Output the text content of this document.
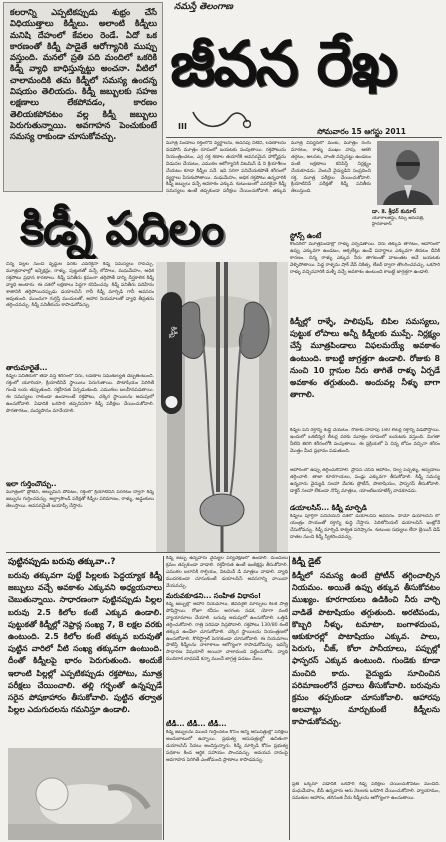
కలరాన్ని ఎప్పటికప్పుడు శుభ్రం చేసే విధియుత్తాలు కిడ్నీలు. అలాంటి కిడ్నీలు మనిషి దేహంలో కేవలం రెండే. ఏదో ఒక కారణంతో కిడ్నీ పాడైతే ఆరోగ్యానికి ముప్పు వస్తుంది. మనలో ప్రతి పది మందిలో ఒకరికి కిడ్నీ వ్యాధి బాధిస్తున్నట్టు అంచనా. వీటిలో చాలామందికి తమ కిడ్నీలో సమస్య ఉందన్న విషయం తెలియదు. కిడ్నీ జబ్బులకు సహజ లక్షణాలు లేకపోవడం, కారణం తెలియకపోవటం వల్ల కిడ్నీ జబ్బులు పెరుగుతున్నాయి. అవగాహన పెంచుకుంటే సమస్య రాకుండా చూసుకోవచ్చు.
నమస్తే తెలంగాణ
జీవన రేఖ
III
సోమవారం 15 ఆగస్టు 2011
మూత్ర పిండాలు రక్తంలోని వ్యర్థాలను, అదనపు నీటిని, లవణాలను వడపోసి మూత్రం రూపంలో బయటకు పంపుతాయి. రక్తపోటును నియంత్రించటం, ఎర్ర రక్త కణాల తయారీకి అవసరమైన హార్మోన్లను విడుదల చేయటం, ఎముకల ఆరోగ్యానికి విటమిన్ డి ని క్రియాశీలం చేయటం కూడా కిడ్నీల పనే. ఇవి సరిగా పనిచేయకపోతే శరీరంలో వ్యర్థాలు పేరుకుపోతాయి. మధుమేహం, అధిక రక్తపోటు ఉన్నవారికి కిడ్నీ జబ్బులు వచ్చే అవకాశం ఎక్కువ. కుటుంబంలో ఎవరికైనా కిడ్నీ సమస్యలు ఉంటే తప్పకుండా పరీక్షలు చేయించుకోవాలి. తక్కువ
మూత్ర విసర్జనలో మంట, మూత్రం రంగు మారటం, కాళ్ళు ముఖం వాపు, ఆకలి తగ్గటం, అలసట, వాంతి వచ్చినట్టు ఉండటం వంటి లక్షణాలు కనిపిస్తే నిర్లక్ష్యం చేయకూడదు. వెంటనే వైద్యుడిని సంప్రదించి రక్త, మూత్ర పరీక్షలు చేయించుకోవాలి. క్రియాటినిన్ పరీక్షతో కిడ్నీ పనితీరు తెలుస్తుంది.
డా. కె. శ్రీధర్ కుమార్
యూరాలజిస్టు, కిమ్స్ ఆసుపత్రి, హైదరాబాద్
కిడ్నీ పదిలం	స్టోన్స్ ఉంటే
కొందరిలో మూత్రపిండాల్లో రాళ్ళు ఏర్పడతాయి. నీరు తక్కువ తాగటం, ఆహారంలో ఉప్పు ఎక్కువగా ఉండటం, ఆక్సలేట్లు ఉండే పదార్థాలు ఎక్కువగా తినటం దీనికి కారణం. చిన్న రాళ్ళు ఎక్కువ నీరు తాగటంతో వాటంతట అవే బయటకు వెళ్ళిపోతాయి. పెద్ద రాళ్ళను షాక్ వేవ్ చికిత్స, లేజర్ ద్వారా తొలగించవచ్చు. ఒకసారి రాళ్ళు వచ్చినవారికి మళ్ళీ వచ్చే అవకాశం ఉంటుంది కాబట్టి జాగ్రత్తగా ఉండాలి.
కిడ్నీల్లో రాళ్ళే, పాలిపుష్, బిపిల సమస్యలు, పుట్టుక లోపాలు అన్నీ కిడ్నీలకు ముప్పే. నిర్లక్ష్యం చేస్తే మూత్రపిండాలు విఫలమయ్యే అవకాశం ఉంటుంది. కాబట్టి జాగ్రత్తగా ఉండాలి. రోజుకు 8 నుంచి 10 గ్లాసుల నీరు తాగితే రాళ్ళు ఏర్పడే అవకాశం తగ్గుతుంది. అందువల్ల నీళ్ళు బాగా తాగాలి.
కిడ్నీ
చిన్న పిల్లల నుంచి వృద్ధుల వరకు ఎవరికైనా కిడ్నీ సమస్యలు రావచ్చు. మూత్రనాళాల్లో ఇన్ఫెక్షన్లు, రాళ్ళు, పుట్టుకతో వచ్చే లోపాలు, మధుమేహం, అధిక రక్తపోటు ప్రధాన కారణాలు. కిడ్నీ పనితీరు క్రమంగా తగ్గిపోతే దాన్ని దీర్ఘకాలిక కిడ్నీ వ్యాధి అంటారు. ఈ దశలో లక్షణాలు పెద్దగా కనిపించవు. కిడ్నీ పనితీరు పదిహేను శాతానికి తగ్గిపోయినప్పుడు డయాలసిస్ గానీ కిడ్నీ మార్పిడి గానీ అవసరం అవుతుంది. ముందుగా గుర్తిస్తే మందులతో, ఆహార నియమాలతో వ్యాధి తీవ్రతను తగ్గించవచ్చు. కిడ్నీ పనితీరును కాపాడుకోవచ్చు.
తారుమారైతే...
కిడ్నీల పనితీరులో తేడా వస్తే శరీరంలో నీరు, లవణాల సమతుల్యత దెబ్బతింటుంది. రక్తంలో యూరియా, క్రియాటినిన్ స్థాయిలు పెరుగుతాయి. పొటాషియం పెరిగితే గుండె లయ తప్పుతుంది. రక్తహీనత ఏర్పడుతుంది. ఎముకలు బలహీనపడతాయి. ఈ సమస్యలు రాకుండా ఉండాలంటే రక్తపోటు, చక్కెర స్థాయిలను అదుపులో ఉంచుకోవాలి. ఏడాదికి ఒకసారి తప్పనిసరిగా కిడ్నీ పరీక్షలు చేయించుకోవాలి. పొగతాగటం, మద్యపానం మానేయాలి.
ఇలా గుర్తించొచ్చు..
మూత్రంలో ప్రోటీన్, ఆల్బుమిన్ పోవటం, రక్తంలో క్రియాటినిన్ పెరగటం ద్వారా కిడ్నీ జబ్బును గుర్తించవచ్చు. అల్ట్రాసౌండ్ పరీక్షతో కిడ్నీల పరిమాణం, రాళ్ళు, అడ్డంకులు తెలుస్తాయి. అవసరమైతే బయాప్సీ చేస్తారు.
కిడ్నీల పని రక్తాన్ని శుద్ధి చేయటం. రోజుకు దాదాపు 180 లీటర్ల రక్తాన్ని వడపోస్తాయి. ఇందులో ఒకటిన్నర లీటర్ల వరకు మూత్రం రూపంలో బయటకు వస్తుంది. మిగతా నీటిని తిరిగి శరీరంలోకి పంపుతాయి. ఈ ప్రక్రియలో ఏ చిన్న లోపం వచ్చినా శరీరం మొత్తం మీద ప్రభావం పడుతుంది.
ఆహారంలో ఉప్పు తగ్గించుకోవాలి. ప్రాసెస్ చేసిన ఆహారం, నిల్వ పచ్చళ్ళు, అప్పడాలు తగ్గించాలి. తాజా కూరగాయలు, పండ్లు ఎక్కువగా తీసుకోవాలి. కిడ్నీ సమస్య ఉన్నవారు వైద్యుడి సలహా మేరకు ప్రోటీన్, పొటాషియం, ఫాస్ఫరస్ తీసుకోవాలి. డాక్టర్ సలహా లేకుండా నొప్పి మాత్రలు, యాంటిబయాటిక్స్ వాడకూడదు.
డయాలసిస్... కిడ్నీ మార్పిడి
కిడ్నీలు పూర్తిగా పనిచేయని దశలో డయాలసిస్ అవసరం. హీమో డయాలసిస్ లో యంత్రం సాయంతో రక్తాన్ని శుద్ధి చేస్తారు. పెరిటోనియల్ డయాలసిస్ ఇంట్లోనే చేసుకోవచ్చు. కిడ్నీ మార్పిడి శాశ్వత పరిష్కారం. కుటుంబ సభ్యులు లేదా బ్రెయిన్ డెడ్ దాతల నుంచి కిడ్నీ స్వీకరించవచ్చు.
పుట్టినప్పుడు బరువు తక్కువా..?
బరువు తక్కువగా పుట్టే పిల్లలకు పెద్దయ్యాక కిడ్నీ జబ్బులు వచ్చే అవకాశం ఎక్కువని అధ్యయనాలు చెబుతున్నాయి. సాధారణంగా పుట్టినప్పుడు పిల్లల బరువు 2.5 కిలోల కంటే ఎక్కువ ఉండాలి. పుట్టుకతో కిడ్నీల్లో నెఫ్రాన్ల సంఖ్య 7, 8 లక్షల వరకు ఉంటుంది. 2.5 కిలోల కంటే తక్కువ బరువుతో పుట్టిన వారిలో వీటి సంఖ్య తక్కువగా ఉంటుంది. దీంతో కిడ్నీలపై భారం పెరుగుతుంది. అందుకే ఇలాంటి పిల్లల్లో ఎప్పటికప్పుడు రక్తపోటు, మూత్ర పరీక్షలు చేయించాలి. తల్లి గర్భంతో ఉన్నప్పుడే సరైన పోషకాహారం తీసుకోవాలి. పుట్టిన తర్వాత పిల్లల ఎదుగుదలను గమనిస్తూ ఉండాలి.
కిడ్నీ జబ్బు ఉన్నవారు వైద్యుల పర్యవేక్షణలో ఉండాలి. మందులు క్రమం తప్పకుండా వాడాలి. రక్తహీనత ఉంటే ఇంజెక్షన్లు తీసుకోవాలి. ఎముకల బలానికి కాల్షియం, విటమిన్ డి మాత్రలు వాడాలి. వ్యాధి ముదరకుండా చూసుకుంటే డయాలసిస్ అవసరాన్ని వాయిదా వేయవచ్చు.
మరువకూడని... సంహిత విధానం!
కిడ్నీ జబ్బుల్లో ఆహార నియమాలు, జీవనశైలి మార్పులు కీలక పాత్ర పోషిస్తాయి. రోజూ కనీసం అరగంట నడక, యోగా వంటి వ్యాయామాలు చేయాలి. బరువు అదుపులో ఉంచుకోవాలి. ఒత్తిడి తగ్గించుకోవాలి. రాత్రి సరిపడా నిద్రపోవాలి. రక్తపోటు 130/80 కంటే తక్కువ ఉండేలా చూసుకోవాలి. చక్కెర స్థాయిలను నియంత్రణలో ఉంచుకోవాలి. కొలెస్ట్రాల్ పెరగకుండా చూసుకోవాలి. ఈ నియమాలు పాటిస్తే కిడ్నీలను చాలాకాలం ఆరోగ్యంగా కాపాడుకోవచ్చు. ఇవన్నీ సాధారణ విషయాలే అయినా చాలామంది పట్టించుకోరు. వ్యాధి ముదిరాక బాధపడే కన్నా ముందే జాగ్రత్త పడటం మేలు.
టీడీ... టీడీ... టీడీ...
కిడ్నీ జబ్బులను ముందే గుర్తించటం కోసం అన్ని ఆసుపత్రుల్లో పరీక్షలు అందుబాటులో ఉన్నాయి. ప్రభుత్వ ఆసుపత్రుల్లో ఉచితంగా డయాలసిస్ సేవలు అందిస్తున్నారు. కిడ్నీ మార్పిడి కోసం ప్రభుత్వ పథకాల కింద ఆర్థిక సహాయం పొందవచ్చు. అవయవ దానంపై అవగాహన పెరిగితే ఎంతోమంది ప్రాణాలు కాపాడవచ్చు.
కిడ్నీ డైట్
కిడ్నీలో సమస్య ఉంటే ప్రోటీన్ తగ్గించాల్సిన నియమం. అయితే ఉప్పు తక్కువ తీసుకోవటం ముఖ్యం. కూరగాయలు ఉడికించి నీరు వార్చి వాడితే పొటాషియం తగ్గుతుంది. అరటిపండు, కొబ్బరి నీళ్ళు, టమాటా, బంగాళదుంప, ఆకుకూరల్లో పొటాషియం ఎక్కువ. పాలు, పెరుగు, చీజ్, కోలా పానీయాలు, పప్పుల్లో ఫాస్ఫరస్ ఎక్కువ ఉంటుంది. గుండెకు కూడా మంచిది కాదు. వైద్యుడు సూచించిన పరిమాణంలోనే ద్రవాలు తీసుకోవాలి. బరువును క్రమం తప్పకుండా చూసుకోవాలి. ఆహారపు అలవాట్లు మార్చుకుంటే కిడ్నీలను కాపాడుకోవచ్చు.
ప్రతి ఒక్కరూ ఏడాదికి ఒకసారి కిడ్నీ పరీక్షలు చేయించుకోవటం మంచిది. మధుమేహం, బీపీ ఉన్నవారు ఆరు నెలలకు ఒకసారి చేయించుకోవాలి. వ్యాయామం, సమతుల ఆహారం, తగినంత నీరు కిడ్నీలను ఆరోగ్యంగా ఉంచుతాయి.
